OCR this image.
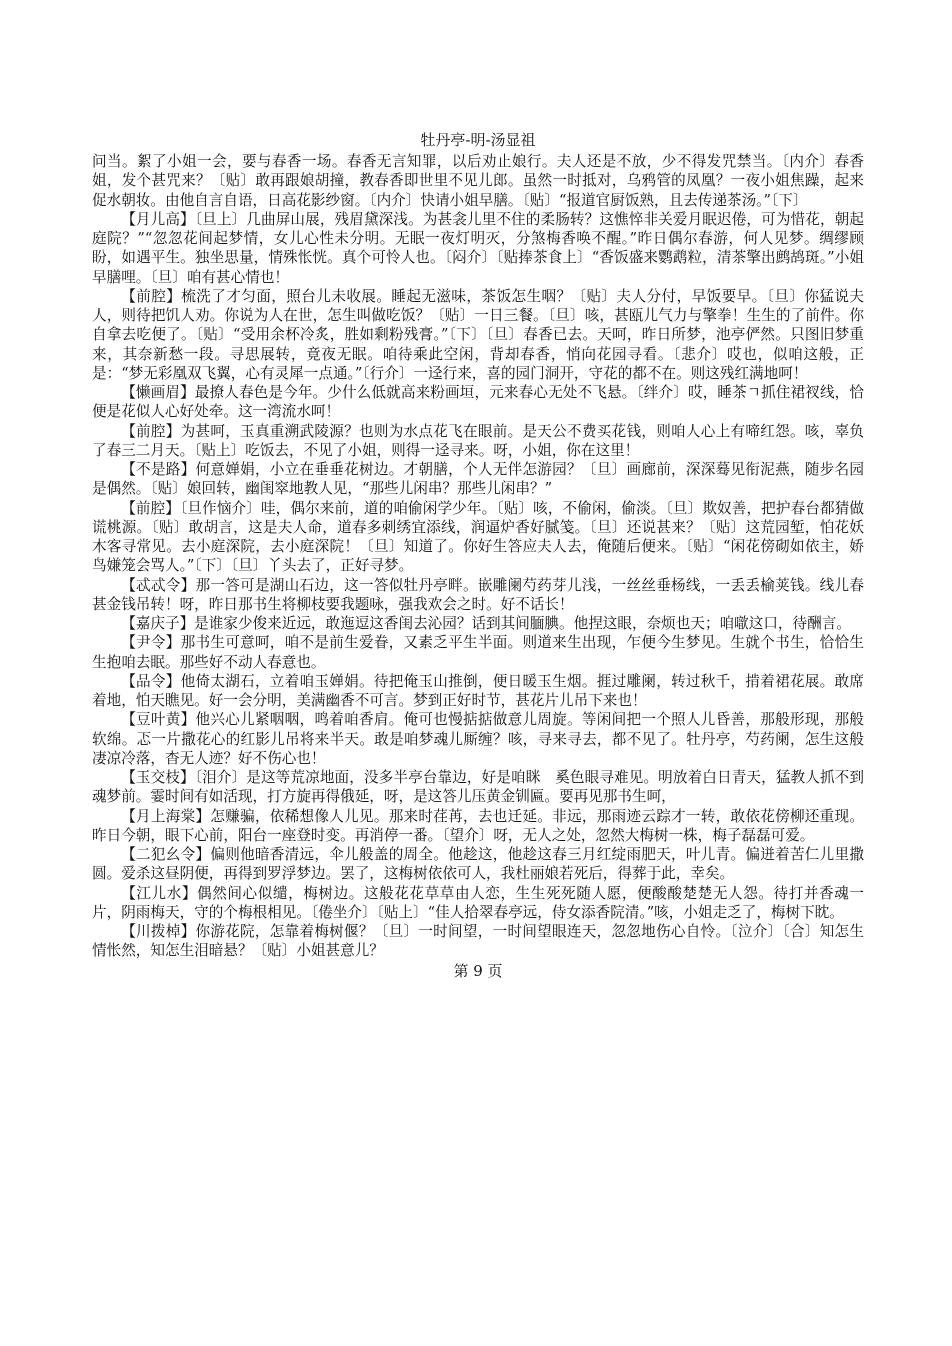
牡丹亭-明-汤显祖

问当。絮了小姐一会，要与春香一场。春香无言知罪，以后劝止娘行。夫人还是不放，少不得发咒禁当。〔内介〕春香姐，发个甚咒来？〔贴〕敢再跟娘胡撞，教春香即世里不见儿郎。虽然一时抵对，乌鸦管的凤凰？一夜小姐焦躁，起来促水朝妆。由他自言自语，日高花影纱窗。〔内介〕快请小姐早膳。〔贴〕“报道官厨饭熟，且去传递茶汤。”〔下〕

【月儿高】〔旦上〕几曲屏山展，残眉黛深浅。为甚衾儿里不住的柔肠转？这憔悴非关爱月眠迟倦，可为惜花，朝起庭院？”“忽忽花间起梦情，女儿心性未分明。无眠一夜灯明灭，分煞梅香唤不醒。”昨日偶尔春游，何人见梦。绸缪顾盼，如遇平生。独坐思量，情殊怅恍。真个可怜人也。〔闷介〕〔贴捧茶食上〕“香饭盛来鹦鹉粒，清茶擎出鹧鸪斑。”小姐早膳哩。〔旦〕咱有甚心情也！

【前腔】梳洗了才匀面，照台儿未收展。睡起无滋味，茶饭怎生咽？〔贴〕夫人分付，早饭要早。〔旦〕你猛说夫人，则待把饥人劝。你说为人在世，怎生叫做吃饭？〔贴〕一日三餐。〔旦〕咳，甚瓯儿气力与擎拳！生生的了前件。你自拿去吃便了。〔贴〕“受用余杯冷炙，胜如剩粉残膏。”〔下〕〔旦〕春香已去。天呵，昨日所梦，池亭俨然。只图旧梦重来，其奈新愁一段。寻思展转，竟夜无眠。咱待乘此空闲，背却春香，悄向花园寻看。〔悲介〕哎也，似咱这般，正是：“梦无彩凰双飞翼，心有灵犀一点通。”〔行介〕一迳行来，喜的园门洞开，守花的都不在。则这残红满地呵！

【懒画眉】最撩人春色是今年。少什么低就高来粉画垣，元来春心无处不飞悬。〔绊介〕哎，睡茶ㄱ抓住裙衩线，恰便是花似人心好处牵。这一湾流水呵！

【前腔】为甚呵，玉真重溯武陵源？也则为水点花飞在眼前。是天公不费买花钱，则咱人心上有啼红怨。咳，辜负了春三二月天。〔贴上〕吃饭去，不见了小姐，则得一迳寻来。呀，小姐，你在这里！

【不是路】何意婵娟，小立在垂垂花树边。才朝膳，个人无伴怎游园？〔旦〕画廊前，深深蓦见衔泥燕，随步名园是偶然。〔贴〕娘回转，幽闺窣地教人见，“那些儿闲串？那些儿闲串？”

【前腔】〔旦作恼介〕哇，偶尔来前，道的咱偷闲学少年。〔贴〕咳，不偷闲，偷淡。〔旦〕欺奴善，把护春台都猜做谎桃源。〔贴〕敢胡言，这是夫人命，道春多刺绣宜添线，润逼炉香好腻笺。〔旦〕还说甚来？〔贴〕这荒园堑，怕花妖木客寻常见。去小庭深院，去小庭深院！〔旦〕知道了。你好生答应夫人去，俺随后便来。〔贴〕“闲花傍砌如依主，娇鸟嫌笼会骂人。”〔下〕〔旦〕丫头去了，正好寻梦。

【忒忒令】那一答可是湖山石边，这一答似牡丹亭畔。嵌雕阑芍药芽儿浅，一丝丝垂杨线，一丢丢榆荚钱。线儿春甚金钱吊转！呀，昨日那书生将柳枝要我题咏，强我欢会之时。好不话长！

【嘉庆子】是谁家少俊来近远，敢迤逗这香闺去沁园？话到其间腼腆。他捏这眼，奈烦也天；咱噷这口，待酬言。

【尹令】那书生可意呵，咱不是前生爱眷，又素乏平生半面。则道来生出现，乍便今生梦见。生就个书生，恰恰生生抱咱去眠。那些好不动人春意也。

【品令】他倚太湖石，立着咱玉婵娟。待把俺玉山推倒，便日暖玉生烟。捱过雕阑，转过秋千，掯着裙花展。敢席着地，怕天瞧见。好一会分明，美满幽香不可言。梦到正好时节，甚花片儿吊下来也！

【豆叶黄】他兴心儿紧咽咽，鸣着咱香肩。俺可也慢掂掂做意儿周旋。等闲间把一个照人儿昏善，那般形现，那般软绵。忑一片撒花心的红影儿吊将来半天。敢是咱梦魂儿厮缠？咳，寻来寻去，都不见了。牡丹亭，芍药阑，怎生这般凄凉冷落，杳无人迹？好不伤心也！

【玉交枝】〔泪介〕是这等荒凉地面，没多半亭台靠边，好是咱眯　奚色眼寻难见。明放着白日青天，猛教人抓不到魂梦前。霎时间有如活现，打方旋再得俄延，呀，是这答儿压黄金钏匾。要再见那书生呵，

【月上海棠】怎赚骗，依稀想像人儿见。那来时荏苒，去也迁延。非远，那雨迹云踪才一转，敢依花傍柳还重现。昨日今朝，眼下心前，阳台一座登时变。再消停一番。〔望介〕呀，无人之处，忽然大梅树一株，梅子磊磊可爱。

【二犯幺令】偏则他暗香清远，伞儿般盖的周全。他趁这，他趁这春三月红绽雨肥天，叶儿青。偏迸着苦仁儿里撒圆。爱杀这昼阴便，再得到罗浮梦边。罢了，这梅树依依可人，我杜丽娘若死后，得葬于此，幸矣。

【江儿水】偶然间心似缱，梅树边。这般花花草草由人恋，生生死死随人愿，便酸酸楚楚无人怨。待打并香魂一片，阴雨梅天，守的个梅根相见。〔倦坐介〕〔贴上〕“佳人拾翠春亭远，侍女添香院清。”咳，小姐走乏了，梅树下眈。

【川拨棹】你游花院，怎靠着梅树偃？〔旦〕一时间望，一时间望眼连天，忽忽地伤心自怜。〔泣介〕〔合〕知怎生情怅然，知怎生泪暗悬？〔贴〕小姐甚意儿？

第 9 页
